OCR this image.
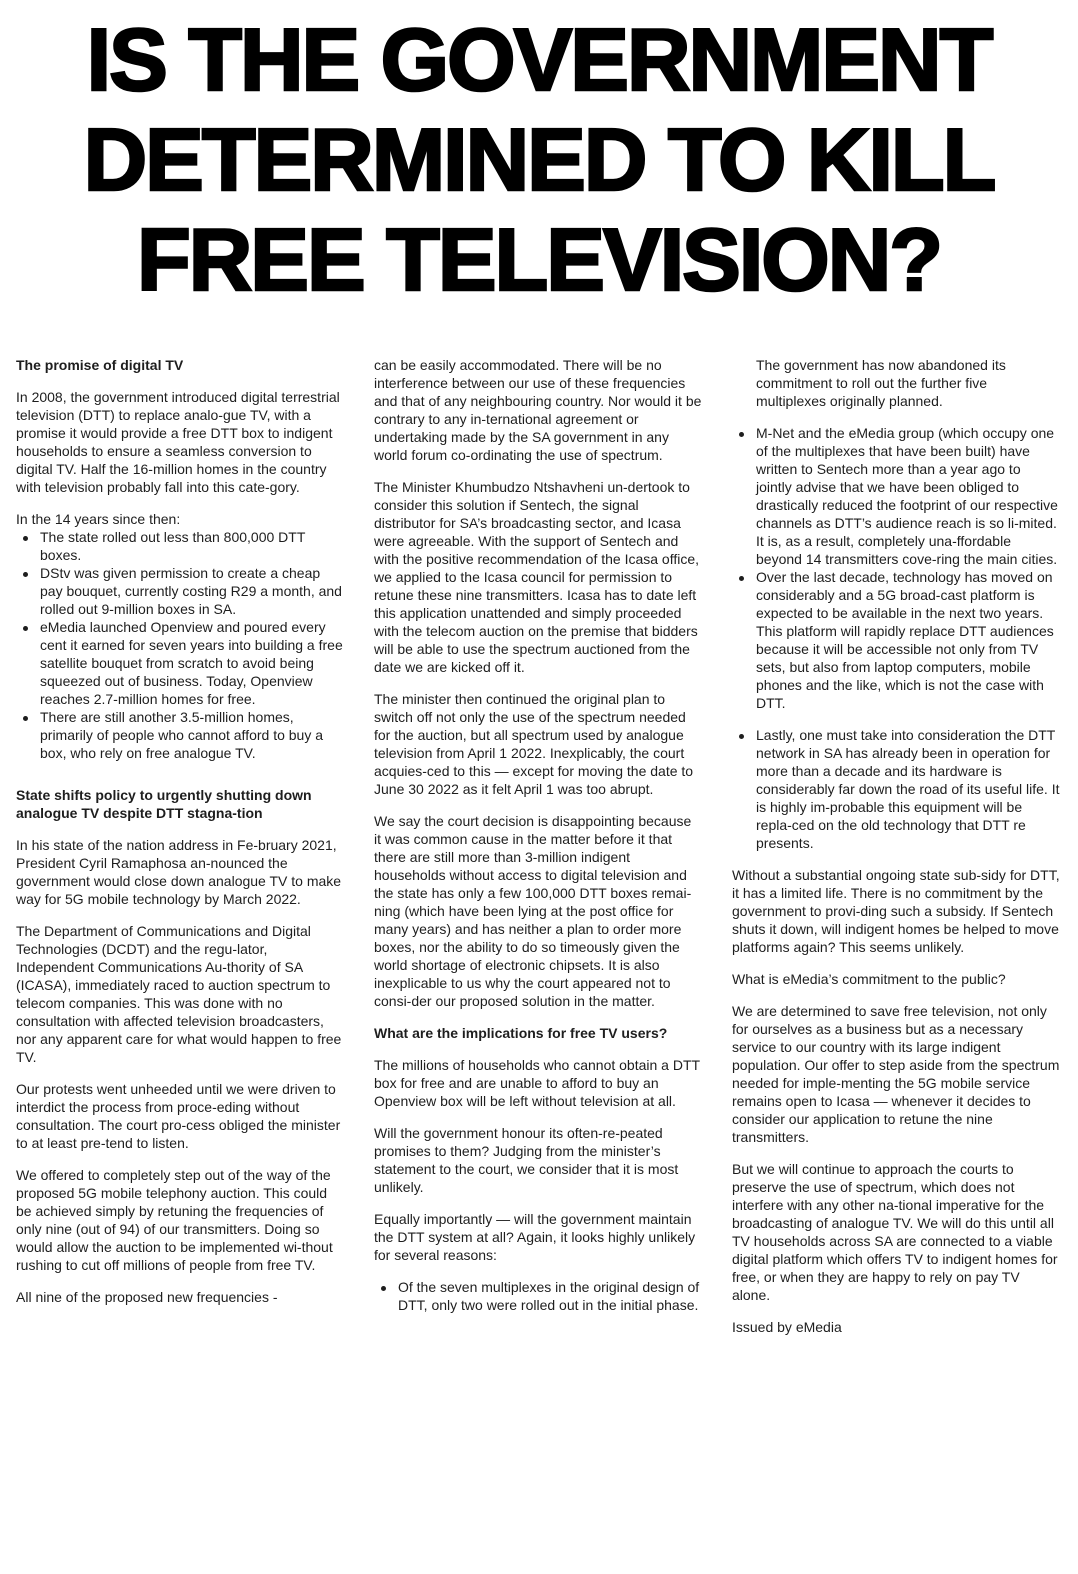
IS THE GOVERNMENT
DETERMINED TO KILL
FREE TELEVISION?
The promise of digital TV

In 2008, the government introduced digital terrestrial television (DTT) to replace analo-gue TV, with a promise it would provide a free DTT box to indigent households to ensure a seamless conversion to digital TV. Half the 16-million homes in the country with television probably fall into this cate-gory.

In the 14 years since then:

The state rolled out less than 800,000 DTT boxes.
DStv was given permission to create a cheap pay bouquet, currently costing R29 a month, and rolled out 9-million boxes in SA.
eMedia launched Openview and poured every cent it earned for seven years into building a free satellite bouquet from scratch to avoid being squeezed out of business. Today, Openview reaches 2.7-million homes for free.
There are still another 3.5-million homes, primarily of people who cannot afford to buy a box, who rely on free analogue TV.
State shifts policy to urgently shutting down analogue TV despite DTT stagna-tion

In his state of the nation address in Fe-bruary 2021, President Cyril Ramaphosa an-nounced the government would close down analogue TV to make way for 5G mobile technology by March 2022.

The Department of Communications and Digital Technologies (DCDT) and the regu-lator, Independent Communications Au-thority of SA (ICASA), immediately raced to auction spectrum to telecom companies. This was done with no consultation with affected television broadcasters, nor any apparent care for what would happen to free TV.

Our protests went unheeded until we were driven to interdict the process from proce-eding without consultation. The court pro-cess obliged the minister to at least pre-tend to listen.

We offered to completely step out of the way of the proposed 5G mobile telephony auction. This could be achieved simply by retuning the frequencies of only nine (out of 94) of our transmitters. Doing so would allow the auction to be implemented wi-thout rushing to cut off millions of people from free TV.

All nine of the proposed new frequencies -

can be easily accommodated. There will be no interference between our use of these frequencies and that of any neighbouring country. Nor would it be contrary to any in-ternational agreement or undertaking made by the SA government in any world forum co-ordinating the use of spectrum.

The Minister Khumbudzo Ntshavheni un-dertook to consider this solution if Sentech, the signal distributor for SA’s broadcasting sector, and Icasa were agreeable. With the support of Sentech and with the positive recommendation of the Icasa office, we applied to the Icasa council for permission to retune these nine transmitters. Icasa has to date left this application unattended and simply proceeded with the telecom auction on the premise that bidders will be able to use the spectrum auctioned from the date we are kicked off it.

The minister then continued the original plan to switch off not only the use of the spectrum needed for the auction, but all spectrum used by analogue television from April 1 2022. Inexplicably, the court acquies-ced to this — except for moving the date to June 30 2022 as it felt April 1 was too abrupt.

We say the court decision is disappointing because it was common cause in the matter before it that there are still more than 3-million indigent households without access to digital television and the state has only a few 100,000 DTT boxes remai-ning (which have been lying at the post office for many years) and has neither a plan to order more boxes, nor the ability to do so timeously given the world shortage of electronic chipsets. It is also inexplicable to us why the court appeared not to consi-der our proposed solution in the matter.

What are the implications for free TV users?

The millions of households who cannot obtain a DTT box for free and are unable to afford to buy an Openview box will be left without television at all.

Will the government honour its often-re-peated promises to them? Judging from the minister’s statement to the court, we consider that it is most unlikely.

Equally importantly — will the government maintain the DTT system at all? Again, it looks highly unlikely for several reasons:

Of the seven multiplexes in the original design of DTT, only two were rolled out in the initial phase.

The government has now abandoned its commitment to roll out the further five multiplexes originally planned.

M-Net and the eMedia group (which occupy one of the multiplexes that have been built) have written to Sentech more than a year ago to jointly advise that we have been obliged to drastically reduced the footprint of our respective channels as DTT’s audience reach is so li-mited. It is, as a result, completely una-ffordable beyond 14 transmitters cove-ring the main cities.
Over the last decade, technology has moved on considerably and a 5G broad-cast platform is expected to be available in the next two years. This platform will rapidly replace DTT audiences because it will be accessible not only from TV sets, but also from laptop computers, mobile phones and the like, which is not the case with DTT.
Lastly, one must take into consideration the DTT network in SA has already been in operation for more than a decade and its hardware is considerably far down the road of its useful life. It is highly im-probable this equipment will be repla-ced on the old technology that DTT re presents.

Without a substantial ongoing state sub-sidy for DTT, it has a limited life. There is no commitment by the government to provi-ding such a subsidy. If Sentech shuts it down, will indigent homes be helped to move platforms again? This seems unlikely.

What is eMedia’s commitment to the public?

We are determined to save free television, not only for ourselves as a business but as a necessary service to our country with its large indigent population. Our offer to step aside from the spectrum needed for imple-menting the 5G mobile service remains open to Icasa — whenever it decides to consider our application to retune the nine transmitters.

But we will continue to approach the courts to preserve the use of spectrum, which does not interfere with any other na-tional imperative for the broadcasting of analogue TV. We will do this until all TV households across SA are connected to a viable digital platform which offers TV to indigent homes for free, or when they are happy to rely on pay TV alone.

Issued by eMedia
